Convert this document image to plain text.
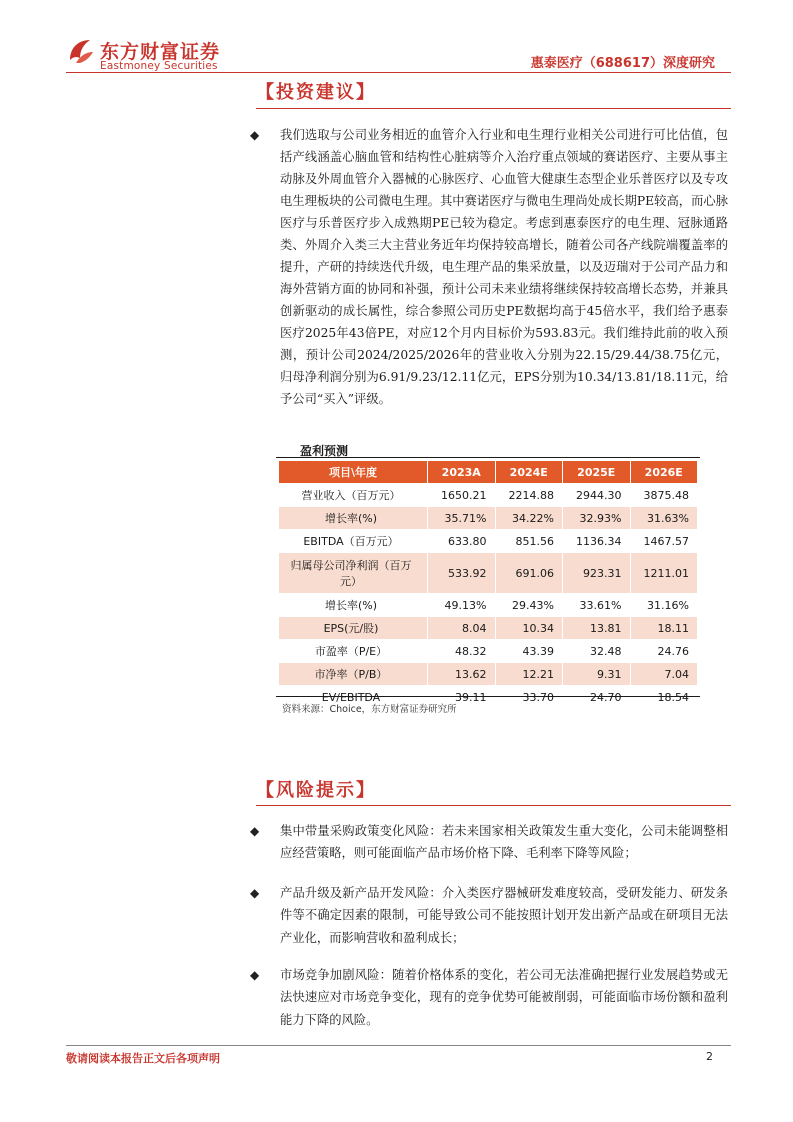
东方财富证券
Eastmoney Securities	惠泰医疗（688617）深度研究
【投资建议】
◆ 我们选取与公司业务相近的血管介入行业和电生理行业相关公司进行可比估值，包括产线涵盖心脑血管和结构性心脏病等介入治疗重点领域的赛诺医疗、主要从事主动脉及外周血管介入器械的心脉医疗、心血管大健康生态型企业乐普医疗以及专攻电生理板块的公司微电生理。其中赛诺医疗与微电生理尚处成长期PE较高，而心脉医疗与乐普医疗步入成熟期PE已较为稳定。考虑到惠泰医疗的电生理、冠脉通路类、外周介入类三大主营业务近年均保持较高增长，随着公司各产线院端覆盖率的提升，产研的持续迭代升级，电生理产品的集采放量，以及迈瑞对于公司产品力和海外营销方面的协同和补强，预计公司未来业绩将继续保持较高增长态势，并兼具创新驱动的成长属性，综合参照公司历史PE数据均高于45倍水平，我们给予惠泰医疗2025年43倍PE，对应12个月内目标价为593.83元。我们维持此前的收入预测，预计公司2024/2025/2026年的营业收入分别为22.15/29.44/38.75亿元，归母净利润分别为6.91/9.23/12.11亿元，EPS分别为10.34/13.81/18.11元，给予公司“买入”评级。
盈利预测
项目\年度	2023A	2024E	2025E	2026E
营业收入（百万元）	1650.21	2214.88	2944.30	3875.48
增长率(%)	35.71%	34.22%	32.93%	31.63%
EBITDA（百万元）	633.80	851.56	1136.34	1467.57
归属母公司净利润（百万元）	533.92	691.06	923.31	1211.01
增长率(%)	49.13%	29.43%	33.61%	31.16%
EPS(元/股)	8.04	10.34	13.81	18.11
市盈率（P/E）	48.32	43.39	32.48	24.76
市净率（P/B）	13.62	12.21	9.31	7.04
EV/EBITDA	39.11	33.70	24.70	18.54
资料来源：Choice，东方财富证券研究所
【风险提示】
◆ 集中带量采购政策变化风险：若未来国家相关政策发生重大变化，公司未能调整相应经营策略，则可能面临产品市场价格下降、毛利率下降等风险；
◆ 产品升级及新产品开发风险：介入类医疗器械研发难度较高，受研发能力、研发条件等不确定因素的限制，可能导致公司不能按照计划开发出新产品或在研项目无法产业化，而影响营收和盈利成长；
◆ 市场竞争加剧风险：随着价格体系的变化，若公司无法准确把握行业发展趋势或无法快速应对市场竞争变化，现有的竞争优势可能被削弱，可能面临市场份额和盈利能力下降的风险。
敬请阅读本报告正文后各项声明	2
